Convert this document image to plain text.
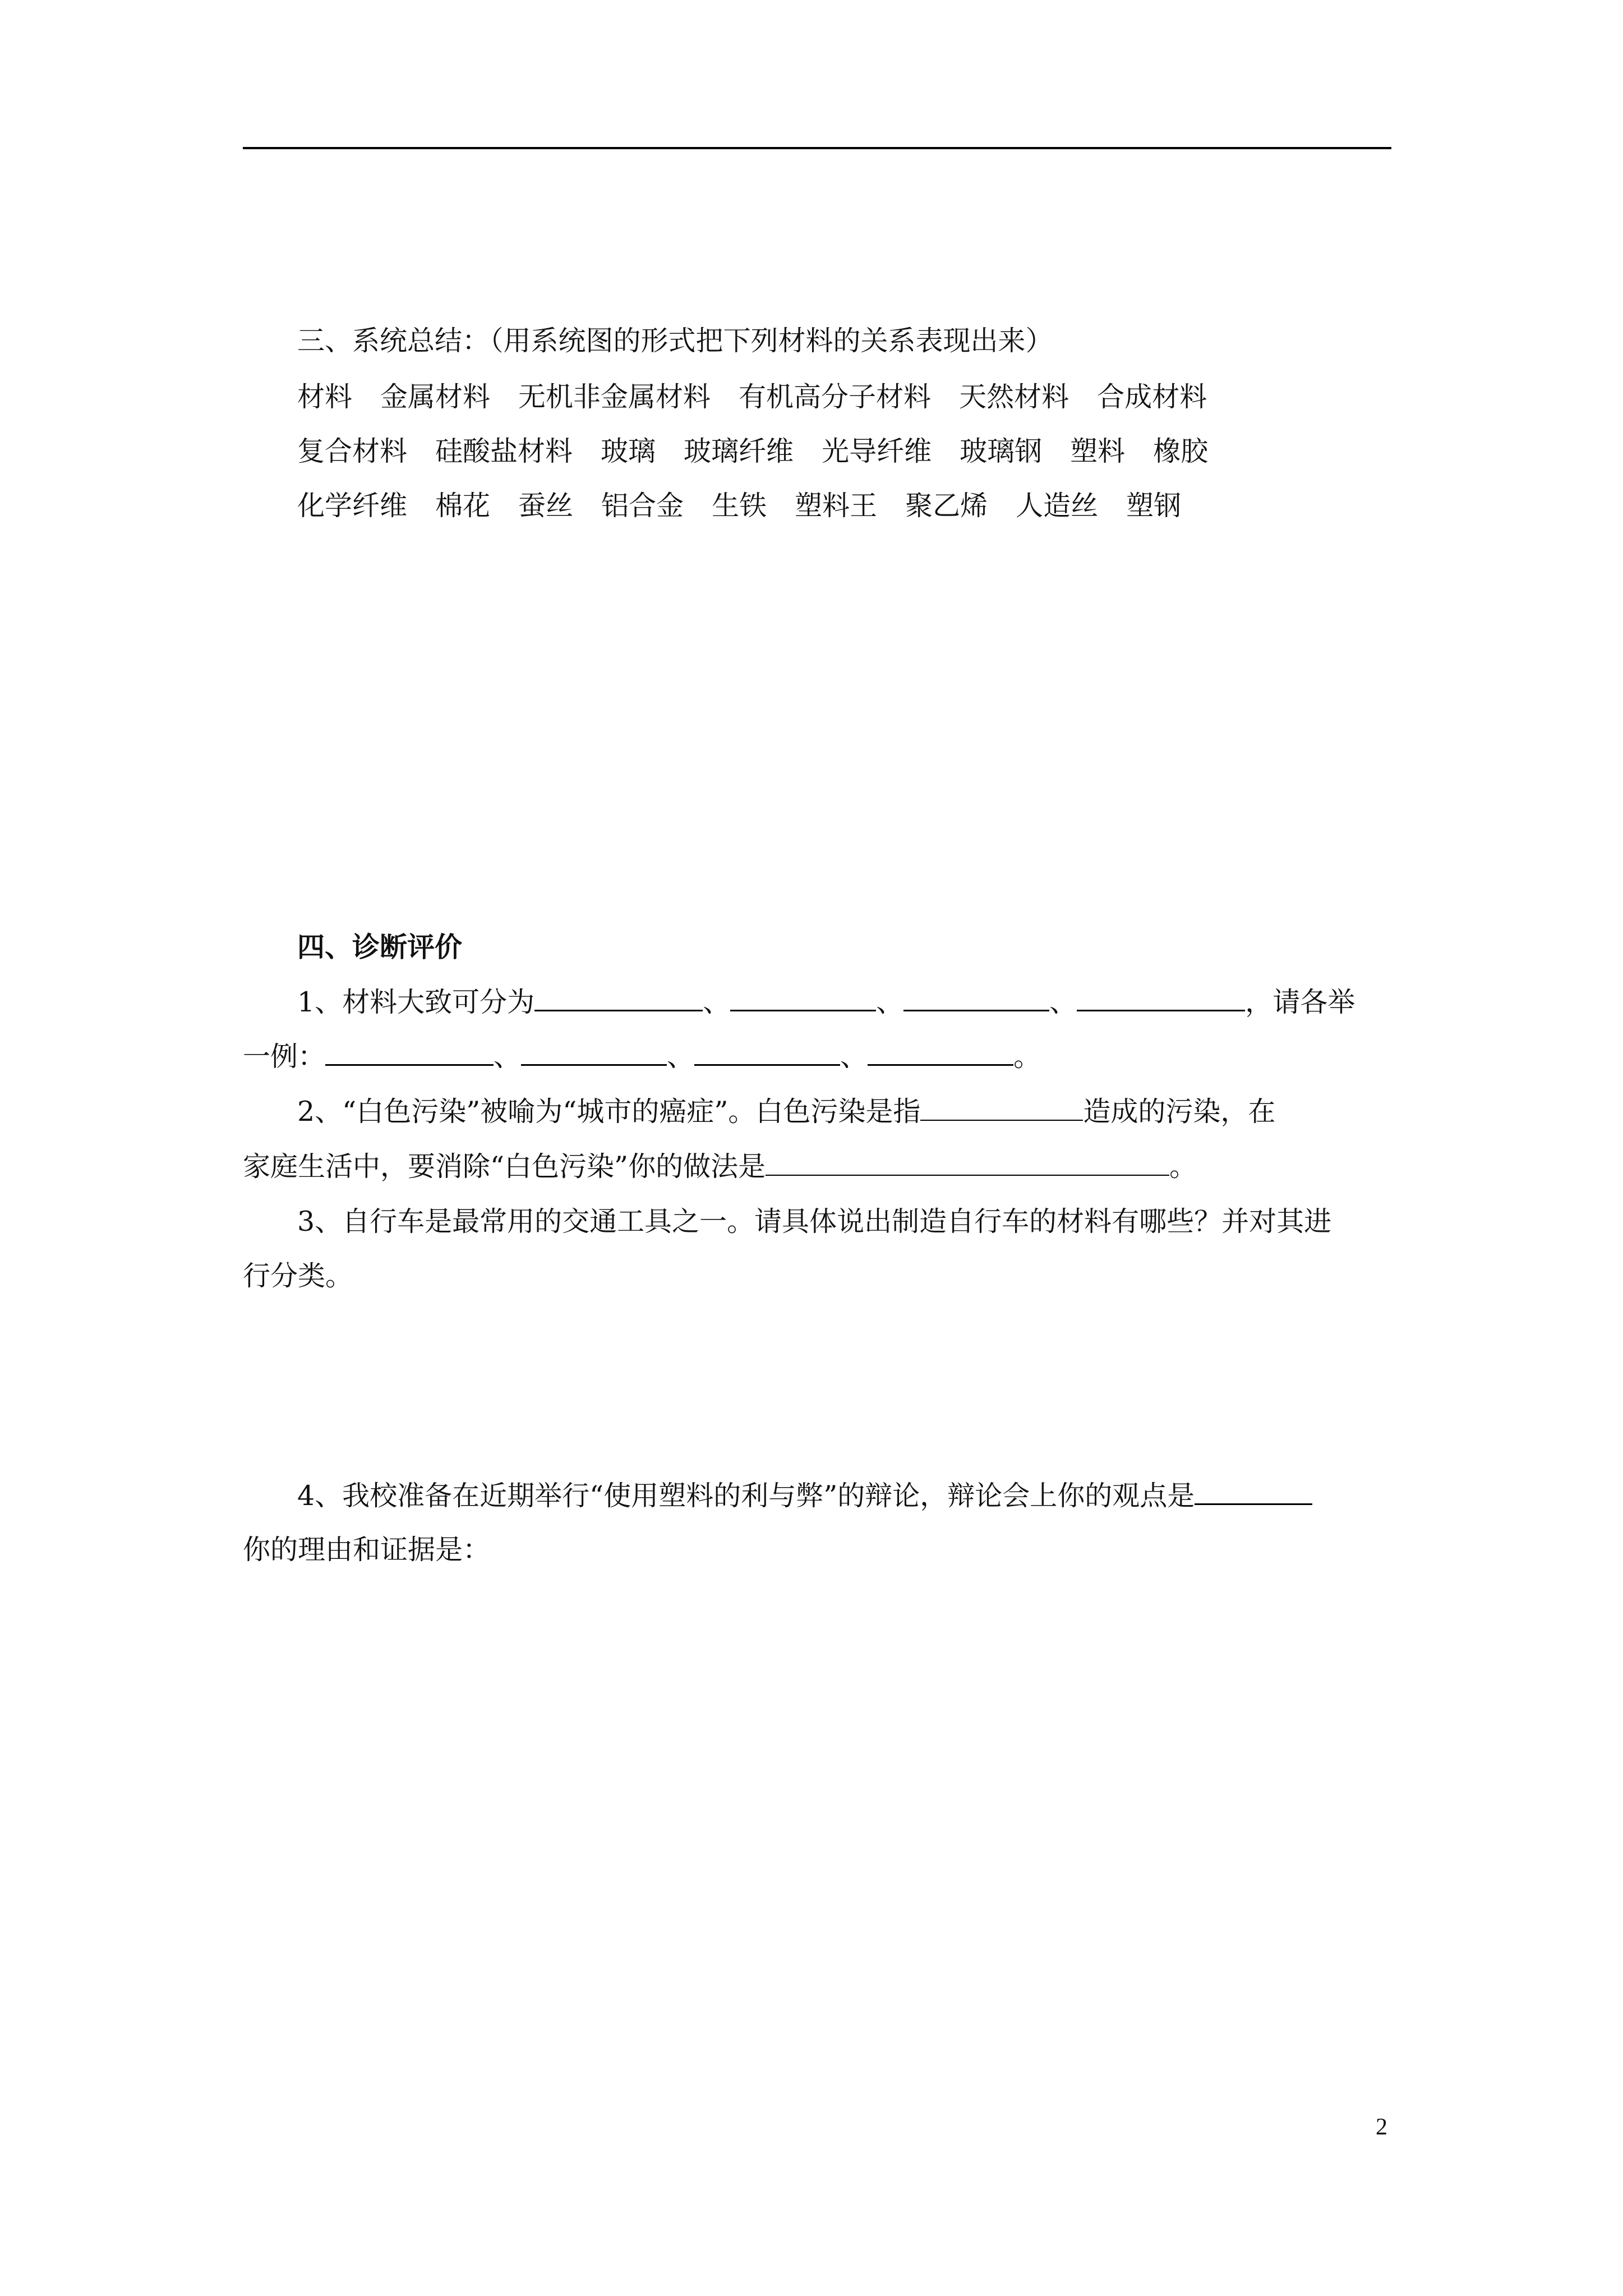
三、系统总结：（用系统图的形式把下列材料的关系表现出来）
材料 金属材料 无机非金属材料 有机高分子材料 天然材料 合成材料
复合材料 硅酸盐材料 玻璃 玻璃纤维 光导纤维 玻璃钢 塑料 橡胶
化学纤维 棉花 蚕丝 铝合金 生铁 塑料王 聚乙烯 人造丝 塑钢
四、诊断评价
1、材料大致可分为	、	、	、	，请各举
一例：	、	、	、	。
2、“白色污染”被喻为“城市的癌症”。白色污染是指	造成的污染，在
家庭生活中，要消除“白色污染”你的做法是	。
3、自行车是最常用的交通工具之一。请具体说出制造自行车的材料有哪些？并对其进
行分类。
4、我校准备在近期举行“使用塑料的利与弊”的辩论，辩论会上你的观点是
你的理由和证据是：
2
